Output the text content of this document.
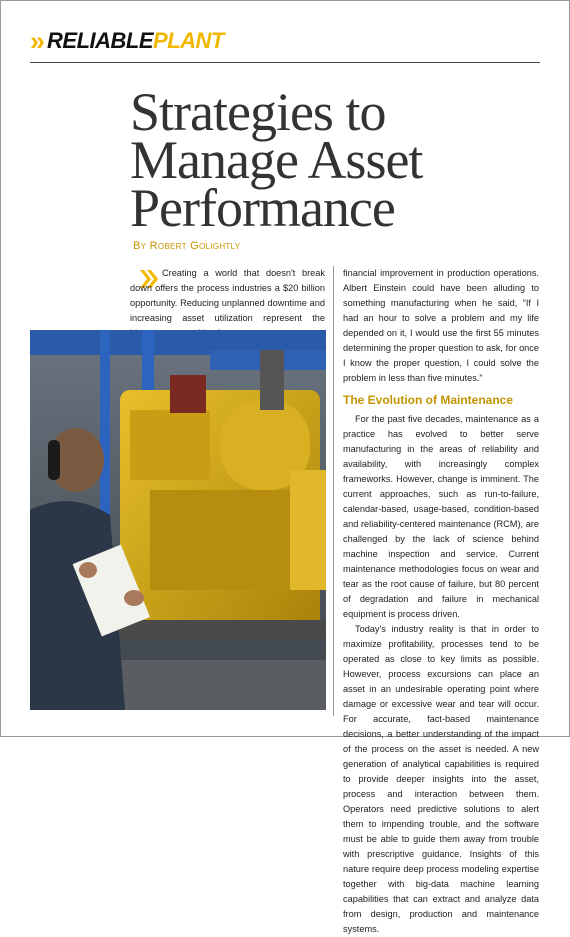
» RELIABLEPLANT
Strategies to Manage Asset Performance
By Robert Golightly

Creating a world that doesn't break down offers the process industries a $20 billion opportunity. Reducing unplanned downtime and increasing asset utilization represent the

financial improvement in production operations. Albert Einstein could have been alluding to something manufacturing when he said, “If I had an hour to solve a problem and my life depended on it, I would use the first 55 minutes determining the proper question to ask, for once I know the proper question, I could solve the problem in less than five minutes.”

The Evolution of Maintenance

For the past five decades, maintenance as a practice has evolved to better serve manufacturing in the areas of reliability and availability, with increasingly complex frameworks. However, change is imminent. The current approaches, such as run-to-failure, calendar-based, usage-based, condition-based and reliability-centered maintenance (RCM), are challenged by the lack of science behind machine inspection and service. Current maintenance methodologies focus on wear and tear as the root cause of failure, but 80 percent of degradation and failure in mechanical equipment is process driven.

Today's industry reality is that in order to maximize profitability, processes tend to be operated as close to key limits as possible. However, process excursions can place an asset in an undesirable operating point where damage or excessive wear and tear will occur. For accurate, fact-based maintenance decisions, a better understanding of the impact of the process on the asset is needed. A new generation of analytical capabilities is required to provide deeper insights into the asset, process and interaction between them. Operators need predictive solutions to alert them to impending trouble, and the software must be able to guide them away from trouble with prescriptive guidance. Insights of this nature require deep process modeling expertise together with big-data machine learning capabilities that can extract and analyze data from design, production and maintenance systems.
